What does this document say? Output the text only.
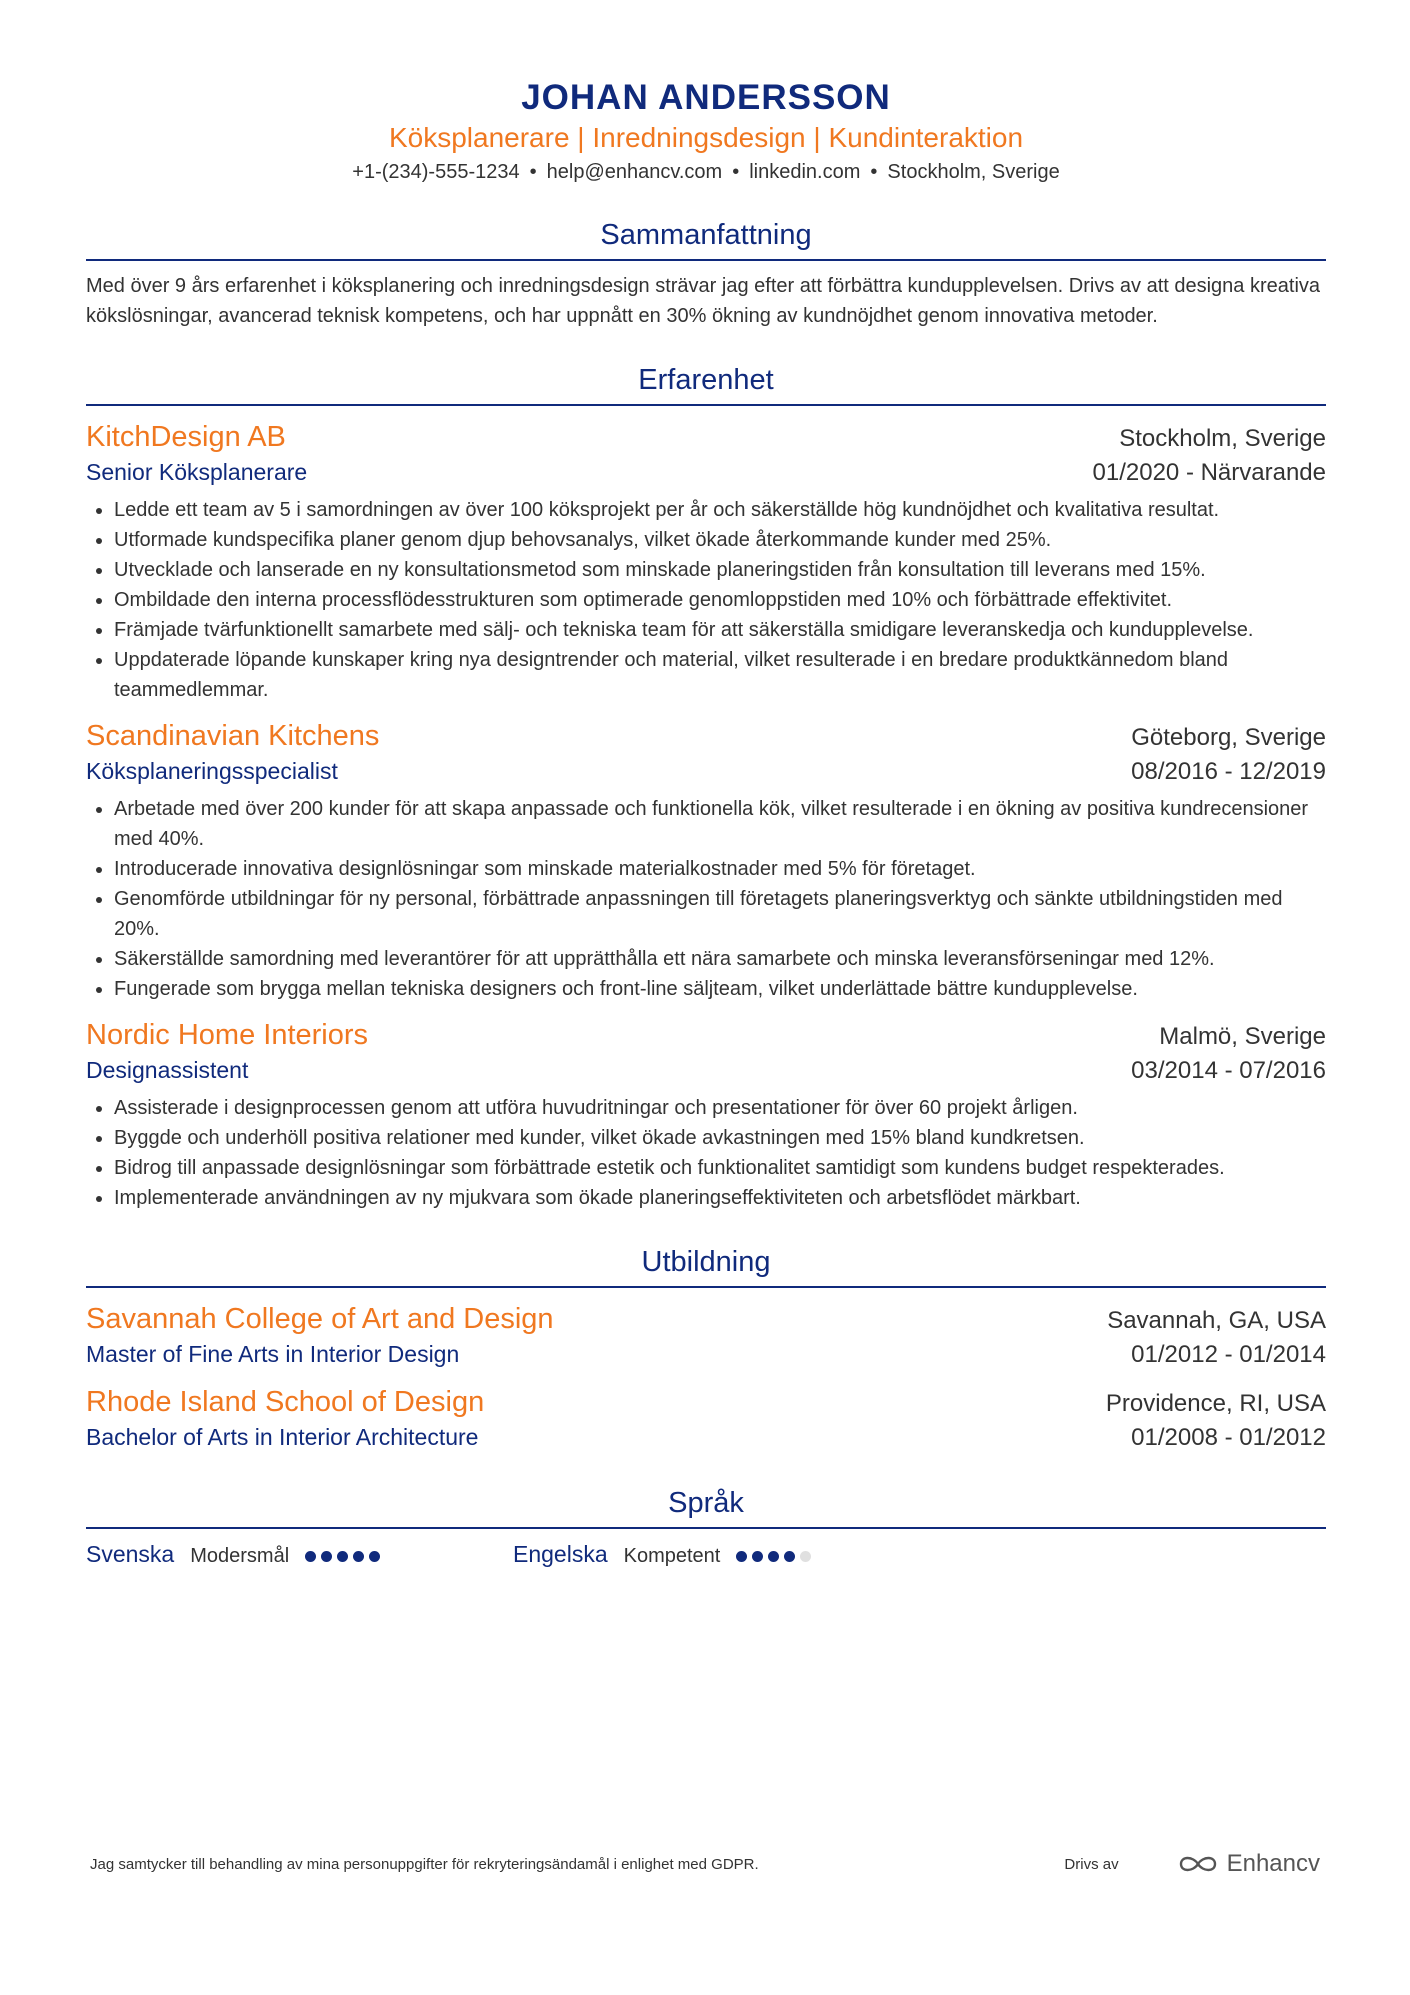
JOHAN ANDERSSON
Köksplanerare | Inredningsdesign | Kundinteraktion
+1-(234)-555-1234 • help@enhancv.com • linkedin.com • Stockholm, Sverige
Sammanfattning
Med över 9 års erfarenhet i köksplanering och inredningsdesign strävar jag efter att förbättra kundupplevelsen. Drivs av att designa kreativa kökslösningar, avancerad teknisk kompetens, och har uppnått en 30% ökning av kundnöjdhet genom innovativa metoder.
Erfarenhet
KitchDesign AB	Stockholm, Sverige
Senior Köksplanerare	01/2020 - Närvarande
• Ledde ett team av 5 i samordningen av över 100 köksprojekt per år och säkerställde hög kundnöjdhet och kvalitativa resultat.
• Utformade kundspecifika planer genom djup behovsanalys, vilket ökade återkommande kunder med 25%.
• Utvecklade och lanserade en ny konsultationsmetod som minskade planeringstiden från konsultation till leverans med 15%.
• Ombildade den interna processflödesstrukturen som optimerade genomloppstiden med 10% och förbättrade effektivitet.
• Främjade tvärfunktionellt samarbete med sälj- och tekniska team för att säkerställa smidigare leveranskedja och kundupplevelse.
• Uppdaterade löpande kunskaper kring nya designtrender och material, vilket resulterade i en bredare produktkännedom bland teammedlemmar.
Scandinavian Kitchens	Göteborg, Sverige
Köksplaneringsspecialist	08/2016 - 12/2019
• Arbetade med över 200 kunder för att skapa anpassade och funktionella kök, vilket resulterade i en ökning av positiva kundrecensioner med 40%.
• Introducerade innovativa designlösningar som minskade materialkostnader med 5% för företaget.
• Genomförde utbildningar för ny personal, förbättrade anpassningen till företagets planeringsverktyg och sänkte utbildningstiden med 20%.
• Säkerställde samordning med leverantörer för att upprätthålla ett nära samarbete och minska leveransförseningar med 12%.
• Fungerade som brygga mellan tekniska designers och front-line säljteam, vilket underlättade bättre kundupplevelse.
Nordic Home Interiors	Malmö, Sverige
Designassistent	03/2014 - 07/2016
• Assisterade i designprocessen genom att utföra huvudritningar och presentationer för över 60 projekt årligen.
• Byggde och underhöll positiva relationer med kunder, vilket ökade avkastningen med 15% bland kundkretsen.
• Bidrog till anpassade designlösningar som förbättrade estetik och funktionalitet samtidigt som kundens budget respekterades.
• Implementerade användningen av ny mjukvara som ökade planeringseffektiviteten och arbetsflödet märkbart.
Utbildning
Savannah College of Art and Design	Savannah, GA, USA
Master of Fine Arts in Interior Design	01/2012 - 01/2014
Rhode Island School of Design	Providence, RI, USA
Bachelor of Arts in Interior Architecture	01/2008 - 01/2012
Språk
Svenska Modersmål	Engelska Kompetent
Jag samtycker till behandling av mina personuppgifter för rekryteringsändamål i enlighet med GDPR.	Drivs av	Enhancv
